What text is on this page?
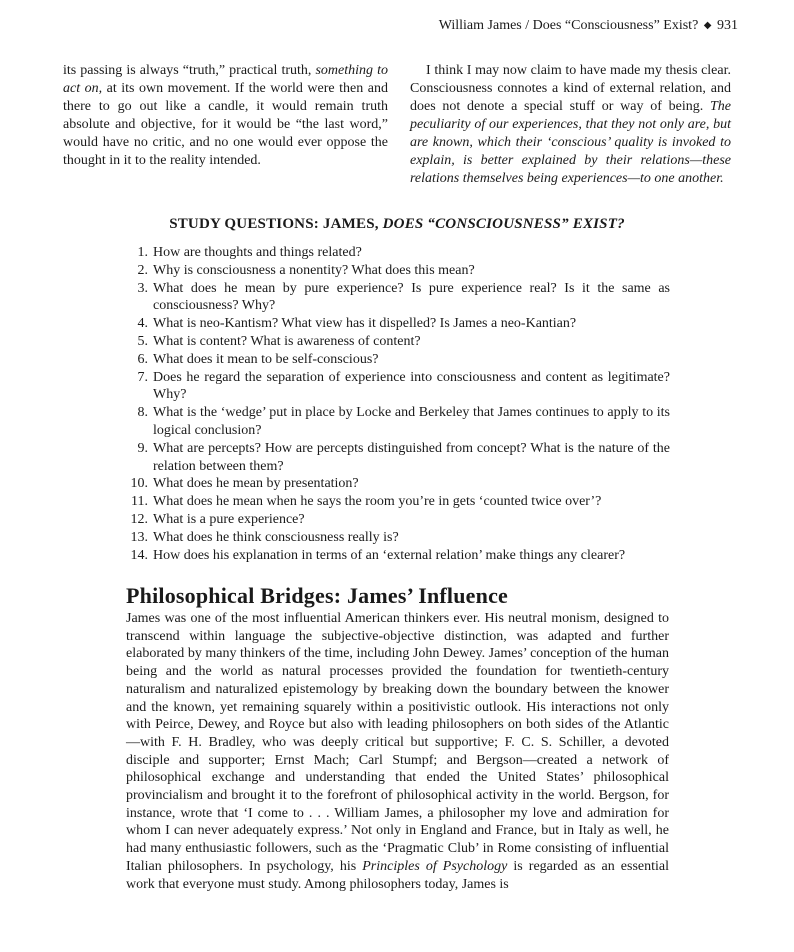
William James / Does “Consciousness” Exist? ◆ 931

its passing is always “truth,” practical truth, something to act on, at its own movement. If the world were then and there to go out like a candle, it would remain truth absolute and objective, for it would be “the last word,” would have no critic, and no one would ever oppose the thought in it to the reality intended.

I think I may now claim to have made my thesis clear. Consciousness connotes a kind of external relation, and does not denote a special stuff or way of being. The peculiarity of our experiences, that they not only are, but are known, which their ‘conscious’ quality is invoked to explain, is better explained by their relations—these relations themselves being experiences—to one another.

STUDY QUESTIONS: JAMES, DOES “CONSCIOUSNESS” EXIST?
1. How are thoughts and things related?
2. Why is consciousness a nonentity? What does this mean?
3. What does he mean by pure experience? Is pure experience real? Is it the same as consciousness? Why?
4. What is neo-Kantism? What view has it dispelled? Is James a neo-Kantian?
5. What is content? What is awareness of content?
6. What does it mean to be self-conscious?
7. Does he regard the separation of experience into consciousness and content as legitimate? Why?
8. What is the ‘wedge’ put in place by Locke and Berkeley that James continues to apply to its logical conclusion?
9. What are percepts? How are percepts distinguished from concept? What is the nature of the relation between them?
10. What does he mean by presentation?
11. What does he mean when he says the room you’re in gets ‘counted twice over’?
12. What is a pure experience?
13. What does he think consciousness really is?
14. How does his explanation in terms of an ‘external relation’ make things any clearer?
Philosophical Bridges: James’ Influence

James was one of the most influential American thinkers ever. His neutral monism, designed to transcend within language the subjective-objective distinction, was adapted and further elaborated by many thinkers of the time, including John Dewey. James’ conception of the human being and the world as natural processes provided the foundation for twentieth-century naturalism and naturalized epistemology by breaking down the boundary between the knower and the known, yet remaining squarely within a positivistic outlook. His interactions not only with Peirce, Dewey, and Royce but also with leading philosophers on both sides of the Atlantic—with F. H. Bradley, who was deeply critical but supportive; F. C. S. Schiller, a devoted disciple and supporter; Ernst Mach; Carl Stumpf; and Bergson—created a network of philosophical exchange and understanding that ended the United States’ philosophical provincialism and brought it to the forefront of philosophical activity in the world. Bergson, for instance, wrote that ‘I come to . . . William James, a philosopher my love and admiration for whom I can never adequately express.’ Not only in England and France, but in Italy as well, he had many enthusiastic followers, such as the ‘Pragmatic Club’ in Rome consisting of influential Italian philosophers. In psychology, his Principles of Psychology is regarded as an essential work that everyone must study. Among philosophers today, James is
